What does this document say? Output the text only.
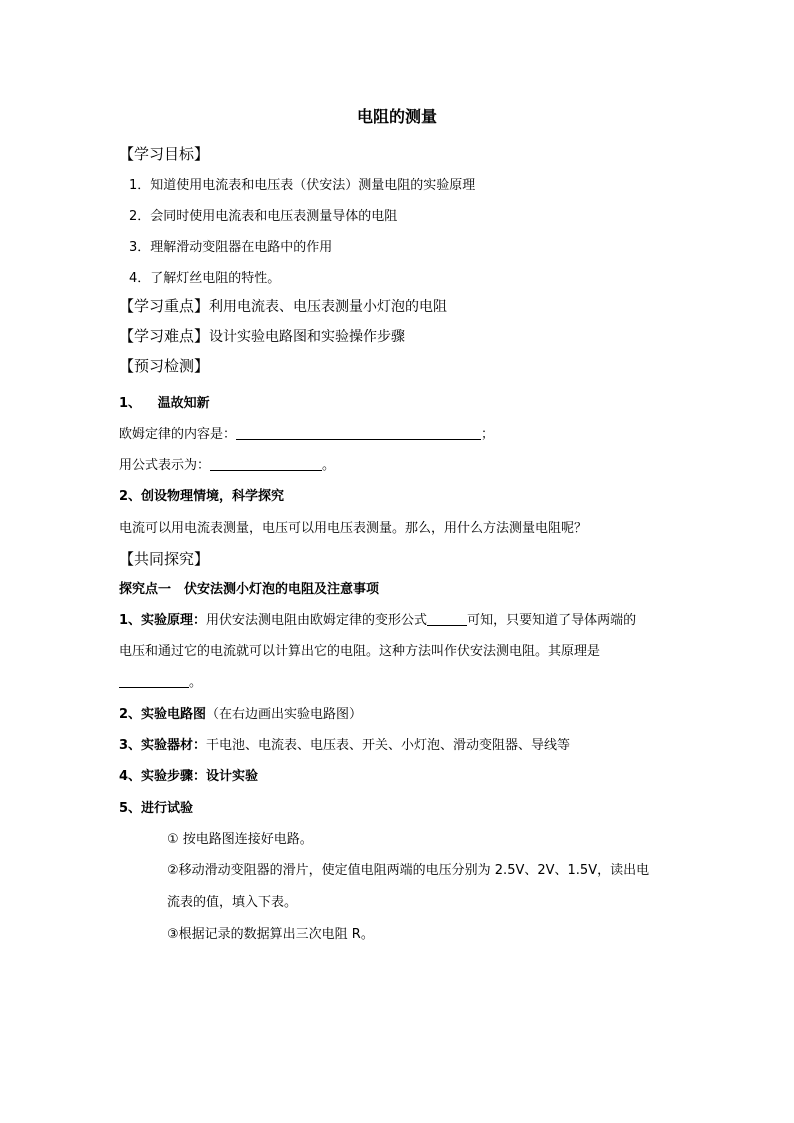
电阻的测量
【学习目标】
1．知道使用电流表和电压表（伏安法）测量电阻的实验原理
2．会同时使用电流表和电压表测量导体的电阻
3．理解滑动变阻器在电路中的作用
4．了解灯丝电阻的特性。
【学习重点】利用电流表、电压表测量小灯泡的电阻
【学习难点】设计实验电路图和实验操作步骤
【预习检测】
1、 温故知新
欧姆定律的内容是：	；
用公式表示为：	。
2、创设物理情境，科学探究
电流可以用电流表测量，电压可以用电压表测量。那么，用什么方法测量电阻呢？
【共同探究】
探究点一　伏安法测小灯泡的电阻及注意事项
1、实验原理：用伏安法测电阻由欧姆定律的变形公式	可知，只要知道了导体两端的
电压和通过它的电流就可以计算出它的电阻。这种方法叫作伏安法测电阻。其原理是
。
2、实验电路图（在右边画出实验电路图）
3、实验器材：干电池、电流表、电压表、开关、小灯泡、滑动变阻器、导线等
4、实验步骤：设计实验
5、进行试验
① 按电路图连接好电路。
②移动滑动变阻器的滑片，使定值电阻两端的电压分别为 2.5V、2V、1.5V，读出电
流表的值，填入下表。
③根据记录的数据算出三次电阻 R。
